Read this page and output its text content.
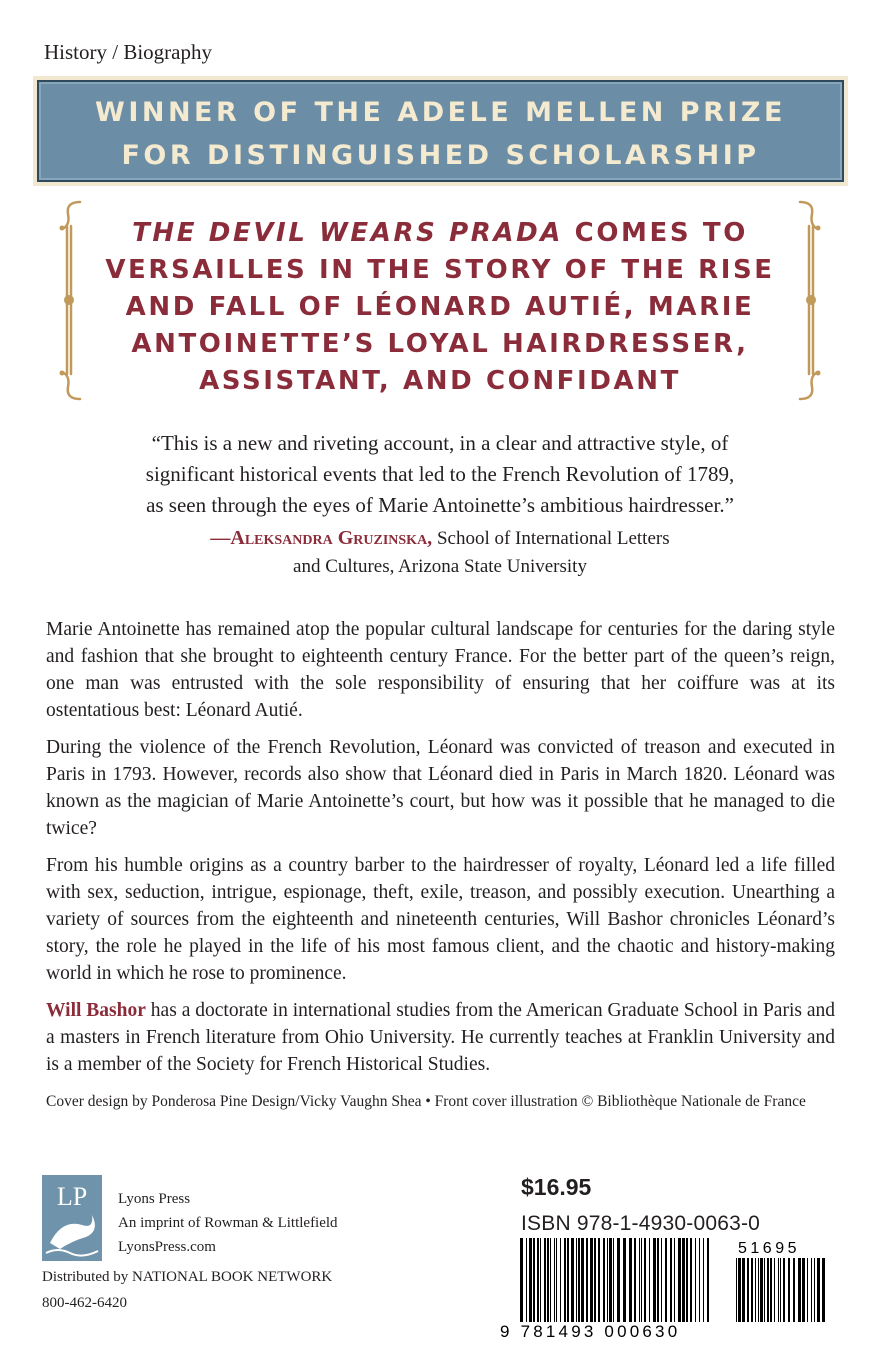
History / Biography
WINNER OF THE ADELE MELLEN PRIZE
FOR DISTINGUISHED SCHOLARSHIP
THE DEVIL WEARS PRADA COMES TO
VERSAILLES IN THE STORY OF THE RISE
AND FALL OF LÉONARD AUTIÉ, MARIE
ANTOINETTE’S LOYAL HAIRDRESSER,
ASSISTANT, AND CONFIDANT
“This is a new and riveting account, in a clear and attractive style, of
significant historical events that led to the French Revolution of 1789,
as seen through the eyes of Marie Antoinette’s ambitious hairdresser.”
—Aleksandra Gruzinska, School of International Letters
and Cultures, Arizona State University

Marie Antoinette has remained atop the popular cultural landscape for centuries for the daring style and fashion that she brought to eighteenth century France. For the better part of the queen’s reign, one man was entrusted with the sole responsibility of ensuring that her coiffure was at its ostentatious best: Léonard Autié.

During the violence of the French Revolution, Léonard was convicted of treason and executed in Paris in 1793. However, records also show that Léonard died in Paris in March 1820. Léonard was known as the magician of Marie Antoinette’s court, but how was it possible that he managed to die twice?

From his humble origins as a country barber to the hairdresser of royalty, Léonard led a life filled with sex, seduction, intrigue, espionage, theft, exile, treason, and possibly execution. Unearthing a variety of sources from the eighteenth and nineteenth centuries, Will Bashor chronicles Léonard’s story, the role he played in the life of his most famous client, and the chaotic and history-making world in which he rose to prominence.

Will Bashor has a doctorate in international studies from the American Graduate School in Paris and a masters in French literature from Ohio University. He currently teaches at Franklin University and is a member of the Society for French Historical Studies.

Cover design by Ponderosa Pine Design/Vicky Vaughn Shea • Front cover illustration © Bibliothèque Nationale de France
LP Lyons Press
An imprint of Rowman & Littlefield
LyonsPress.com
Distributed by NATIONAL BOOK NETWORK
800-462-6420
$16.95
ISBN 978-1-4930-0063-0
9 781493 000630
51695
